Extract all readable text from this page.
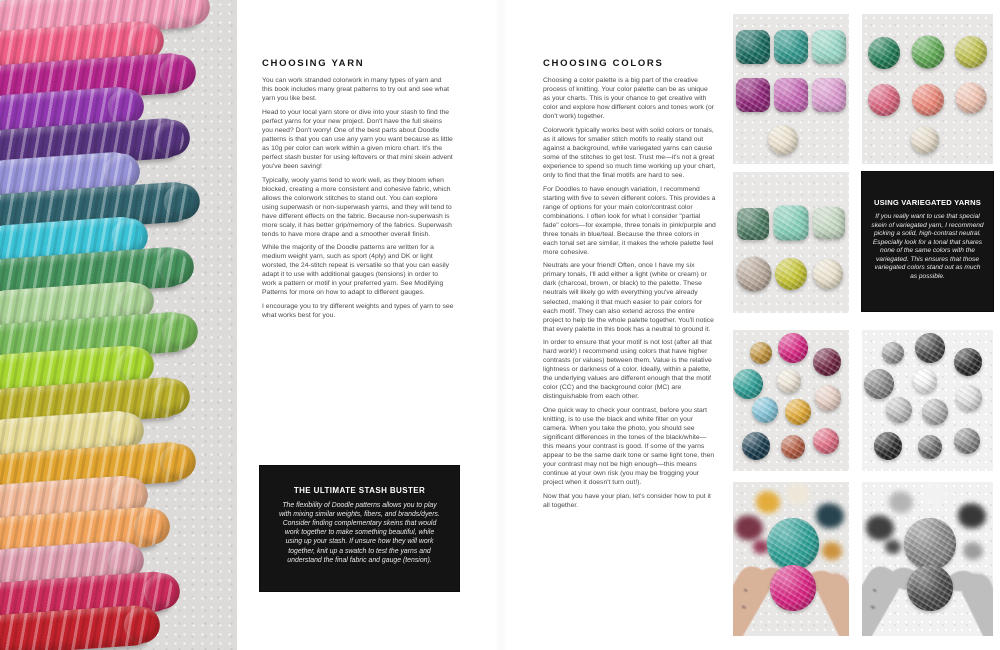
CHOOSING YARN

You can work stranded colorwork in many types of yarn and this book includes many great patterns to try out and see what yarn you like best.

Head to your local yarn store or dive into your stash to find the perfect yarns for your new project. Don't have the full skeins you need? Don't worry! One of the best parts about Doodle patterns is that you can use any yarn you want because as little as 10g per color can work within a given micro chart. It's the perfect stash buster for using leftovers or that mini skein advent you've been saving!

Typically, wooly yarns tend to work well, as they bloom when blocked, creating a more consistent and cohesive fabric, which allows the colorwork stitches to stand out. You can explore using superwash or non-superwash yarns, and they will tend to have different effects on the fabric. Because non-superwash is more scaly, it has better grip/memory of the fabrics. Superwash tends to have more drape and a smoother overall finish.

While the majority of the Doodle patterns are written for a medium weight yarn, such as sport (4ply) and DK or light worsted, the 24-stitch repeat is versatile so that you can easily adapt it to use with additional gauges (tensions) in order to work a pattern or motif in your preferred yarn. See Modifying Patterns for more on how to adapt to different gauges.

I encourage you to try different weights and types of yarn to see what works best for you.

THE ULTIMATE STASH BUSTER
The flexibility of Doodle patterns allows you to play with mixing similar weights, fibers, and brands/dyers. Consider finding complementary skeins that would work together to make something beautiful, while using up your stash. If unsure how they will work together, knit up a swatch to test the yarns and understand the final fabric and gauge (tension).
CHOOSING COLORS

Choosing a color palette is a big part of the creative process of knitting. Your color palette can be as unique as your charts. This is your chance to get creative with color and explore how different colors and tones work (or don't work) together.

Colorwork typically works best with solid colors or tonals, as it allows for smaller stitch motifs to really stand out against a background, while variegated yarns can cause some of the stitches to get lost. Trust me—it's not a great experience to spend so much time working up your chart, only to find that the final motifs are hard to see.

For Doodles to have enough variation, I recommend starting with five to seven different colors. This provides a range of options for your main color/contrast color combinations. I often look for what I consider "partial fade" colors—for example, three tonals in pink/purple and three tonals in blue/teal. Because the three colors in each tonal set are similar, it makes the whole palette feel more cohesive.

Neutrals are your friend! Often, once I have my six primary tonals, I'll add either a light (white or cream) or dark (charcoal, brown, or black) to the palette. These neutrals will likely go with everything you've already selected, making it that much easier to pair colors for each motif. They can also extend across the entire project to help tie the whole palette together. You'll notice that every palette in this book has a neutral to ground it.

In order to ensure that your motif is not lost (after all that hard work!) I recommend using colors that have higher contrasts (or values) between them. Value is the relative lightness or darkness of a color. Ideally, within a palette, the underlying values are different enough that the motif color (CC) and the background color (MC) are distinguishable from each other.

One quick way to check your contrast, before you start knitting, is to use the black and white filter on your camera. When you take the photo, you should see significant differences in the tones of the black/white—this means your contrast is good. If some of the yarns appear to be the same dark tone or same light tone, then your contrast may not be high enough—this means continue at your own risk (you may be frogging your project when it doesn't turn out!).

Now that you have your plan, let's consider how to put it all together.

USING VARIEGATED YARNS
If you really want to use that special skein of variegated yarn, I recommend picking a solid, high-contrast neutral. Especially look for a tonal that shares none of the same colors with the variegated. This ensures that those variegated colors stand out as much as possible.
